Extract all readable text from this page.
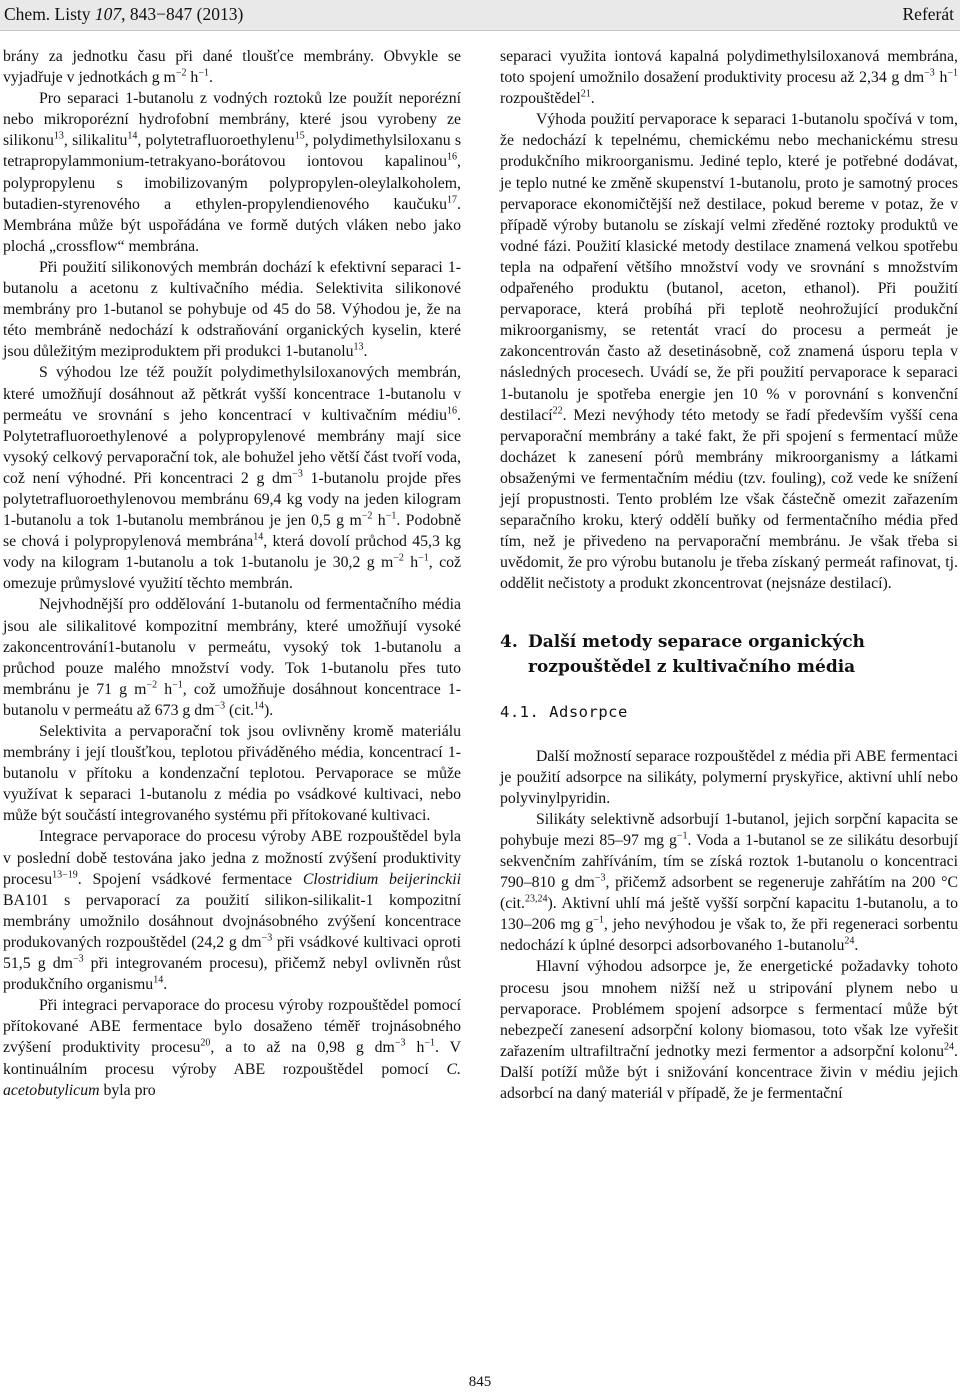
Chem. Listy 107, 843−847 (2013)	Referát

brány za jednotku času při dané tloušťce membrány. Obvykle se vyjadřuje v jednotkách g $m^{-2}$ $h^{-1}$.

Pro separaci 1-butanolu z vodných roztoků lze použít neporézní nebo mikroporézní hydrofobní membrány, které jsou vyrobeny ze silikonu$^{13}$, silikalitu$^{14}$, polytetrafluoroethylenu$^{15}$, polydimethylsiloxanu s tetrapropylammonium-tetrakyano-borátovou iontovou kapalinou$^{16}$, polypropylenu s imobilizovaným polypropylen-oleylalkoholem, butadien-styrenového a ethylen-propylendienového kaučuku$^{17}$. Membrána může být uspořádána ve formě dutých vláken nebo jako plochá „crossflow“ membrána.

Při použití silikonových membrán dochází k efektivní separaci 1-butanolu a acetonu z kultivačního média. Selektivita silikonové membrány pro 1-butanol se pohybuje od 45 do 58. Výhodou je, že na této membráně nedochází k odstraňování organických kyselin, které jsou důležitým meziproduktem při produkci 1-butanolu$^{13}$.

S výhodou lze též použít polydimethylsiloxanových membrán, které umožňují dosáhnout až pětkrát vyšší koncentrace 1-butanolu v permeátu ve srovnání s jeho koncentrací v kultivačním médiu$^{16}$. Polytetrafluoroethylenové a polypropylenové membrány mají sice vysoký celkový pervaporační tok, ale bohužel jeho větší část tvoří voda, což není výhodné. Při koncentraci 2 g $dm^{-3}$ 1-butanolu projde přes polytetrafluoroethylenovou membránu 69,4 kg vody na jeden kilogram 1-butanolu a tok 1-butanolu membránou je jen 0,5 g $m^{-2}$ $h^{-1}$. Podobně se chová i polypropylenová membrána$^{14}$, která dovolí průchod 45,3 kg vody na kilogram 1-butanolu a tok 1-butanolu je 30,2 g $m^{-2}$ $h^{-1}$, což omezuje průmyslové využití těchto membrán.

Nejvhodnější pro oddělování 1-butanolu od fermentačního média jsou ale silikalitové kompozitní membrány, které umožňují vysoké zakoncentrování1-butanolu v permeátu, vysoký tok 1-butanolu a průchod pouze malého množství vody. Tok 1-butanolu přes tuto membránu je 71 g $m^{-2}$ $h^{-1}$, což umožňuje dosáhnout koncentrace 1-butanolu v permeátu až 673 g $dm^{-3}$ (cit.$^{14}$).

Selektivita a pervaporační tok jsou ovlivněny kromě materiálu membrány i její tloušťkou, teplotou přiváděného média, koncentrací 1-butanolu v přítoku a kondenzační teplotou. Pervaporace se může využívat k separaci 1-butanolu z média po vsádkové kultivaci, nebo může být součástí integrovaného systému při přítokované kultivaci.

Integrace pervaporace do procesu výroby ABE rozpouštědel byla v poslední době testována jako jedna z možností zvýšení produktivity procesu$^{13-19}$. Spojení vsádkové fermentace Clostridium beijerinckii BA101 s pervaporací za použití silikon-silikalit-1 kompozitní membrány umožnilo dosáhnout dvojnásobného zvýšení koncentrace produkovaných rozpouštědel (24,2 g $dm^{-3}$ při vsádkové kultivaci oproti 51,5 g $dm^{-3}$ při integrovaném procesu), přičemž nebyl ovlivněn růst produkčního organismu$^{14}$.

Při integraci pervaporace do procesu výroby rozpouštědel pomocí přítokované ABE fermentace bylo dosaženo téměř trojnásobného zvýšení produktivity procesu$^{20}$, a to až na 0,98 g $dm^{-3}$ $h^{-1}$. V kontinuálním procesu výroby ABE rozpouštědel pomocí C. acetobutylicum byla pro

separaci využita iontová kapalná polydimethylsiloxanová membrána, toto spojení umožnilo dosažení produktivity procesu až 2,34 g $dm^{-3}$ $h^{-1}$ rozpouštědel$^{21}$.

Výhoda použití pervaporace k separaci 1-butanolu spočívá v tom, že nedochází k tepelnému, chemickému nebo mechanickému stresu produkčního mikroorganismu. Jediné teplo, které je potřebné dodávat, je teplo nutné ke změně skupenství 1-butanolu, proto je samotný proces pervaporace ekonomičtější než destilace, pokud bereme v potaz, že v případě výroby butanolu se získají velmi zředěné roztoky produktů ve vodné fázi. Použití klasické metody destilace znamená velkou spotřebu tepla na odpaření většího množství vody ve srovnání s množstvím odpařeného produktu (butanol, aceton, ethanol). Při použití pervaporace, která probíhá při teplotě neohrožující produkční mikroorganismy, se retentát vrací do procesu a permeát je zakoncentrován často až desetinásobně, což znamená úsporu tepla v následných procesech. Uvádí se, že při použití pervaporace k separaci 1-butanolu je spotřeba energie jen 10 % v porovnání s konvenční destilací$^{22}$. Mezi nevýhody této metody se řadí především vyšší cena pervaporační membrány a také fakt, že při spojení s fermentací může docházet k zanesení pórů membrány mikroorganismy a látkami obsaženými ve fermentačním médiu (tzv. fouling), což vede ke snížení její propustnosti. Tento problém lze však částečně omezit zařazením separačního kroku, který oddělí buňky od fermentačního média před tím, než je přivedeno na pervaporační membránu. Je však třeba si uvědomit, že pro výrobu butanolu je třeba získaný permeát rafinovat, tj. oddělit nečistoty a produkt zkoncentrovat (nejsnáze destilací).

4. Další metody separace organických
rozpouštědel z kultivačního média
4.1. Adsorpce

Další možností separace rozpouštědel z média při ABE fermentaci je použití adsorpce na silikáty, polymerní pryskyřice, aktivní uhlí nebo polyvinylpyridin.

Silikáty selektivně adsorbují 1-butanol, jejich sorpční kapacita se pohybuje mezi 85–97 mg $g^{-1}$. Voda a 1-butanol se ze silikátu desorbují sekvenčním zahříváním, tím se získá roztok 1-butanolu o koncentraci 790–810 g $dm^{-3}$, přičemž adsorbent se regeneruje zahřátím na 200 °C (cit.$^{23,24}$). Aktivní uhlí má ještě vyšší sorpční kapacitu 1-butanolu, a to 130–206 mg $g^{-1}$, jeho nevýhodou je však to, že při regeneraci sorbentu nedochází k úplné desorpci adsorbovaného 1-butanolu$^{24}$.

Hlavní výhodou adsorpce je, že energetické požadavky tohoto procesu jsou mnohem nižší než u stripování plynem nebo u pervaporace. Problémem spojení adsorpce s fermentací může být nebezpečí zanesení adsorpční kolony biomasou, toto však lze vyřešit zařazením ultrafiltrační jednotky mezi fermentor a adsorpční kolonu$^{24}$. Další potíží může být i snižování koncentrace živin v médiu jejich adsorbcí na daný materiál v případě, že je fermentační

845
